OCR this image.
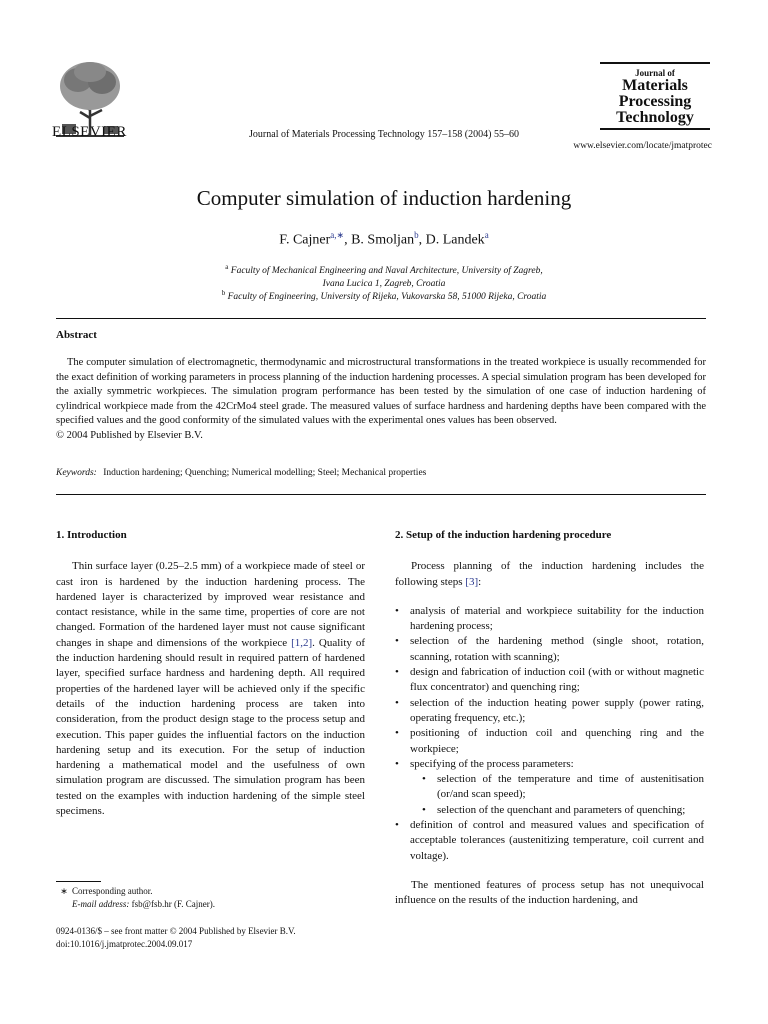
ELSEVIER	Journal of Materials Processing Technology 157–158 (2004) 55–60
Journal of
Materials
Processing
Technology
www.elsevier.com/locate/jmatprotec
Computer simulation of induction hardening
F. Cajner$^{a,∗}$, B. Smoljan$^b$, D. Landek$^a$
$^a$ Faculty of Mechanical Engineering and Naval Architecture, University of Zagreb,
Ivana Lucica 1, Zagreb, Croatia
$^b$ Faculty of Engineering, University of Rijeka, Vukovarska 58, 51000 Rijeka, Croatia
Abstract

The computer simulation of electromagnetic, thermodynamic and microstructural transformations in the treated workpiece is usually recommended for the exact definition of working parameters in process planning of the induction hardening processes. A special simulation program has been developed for the axially symmetric workpieces. The simulation program performance has been tested by the simulation of one case of induction hardening of cylindrical workpiece made from the 42CrMo4 steel grade. The measured values of surface hardness and hardening depths have been compared with the specified values and the good conformity of the simulated values with the experimental ones values has been observed.

© 2004 Published by Elsevier B.V.
Keywords: Induction hardening; Quenching; Numerical modelling; Steel; Mechanical properties
1. Introduction

Thin surface layer (0.25–2.5 mm) of a workpiece made of steel or cast iron is hardened by the induction hardening process. The hardened layer is characterized by improved wear resistance and contact resistance, while in the same time, properties of core are not changed. Formation of the hardened layer must not cause significant changes in shape and dimensions of the workpiece [1,2]. Quality of the induction hardening should result in required pattern of hardened layer, specified surface hardness and hardening depth. All required properties of the hardened layer will be achieved only if the specific details of the induction hardening process are taken into consideration, from the product design stage to the process setup and execution. This paper guides the influential factors on the induction hardening setup and its execution. For the setup of induction hardening a mathematical model and the usefulness of own simulation program are discussed. The simulation program has been tested on the examples with induction hardening of the simple steel specimens.

2. Setup of the induction hardening procedure

Process planning of the induction hardening includes the following steps [3]:

• analysis of material and workpiece suitability for the induction hardening process;
• selection of the hardening method (single shoot, rotation, scanning, rotation with scanning);
• design and fabrication of induction coil (with or without magnetic flux concentrator) and quenching ring;
• selection of the induction heating power supply (power rating, operating frequency, etc.);
• positioning of induction coil and quenching ring and the workpiece;
• specifying of the process parameters:
• selection of the temperature and time of austenitisation (or/and scan speed);
• selection of the quenchant and parameters of quenching;
• definition of control and measured values and specification of acceptable tolerances (austenitizing temperature, coil current and voltage).

The mentioned features of process setup has not unequivocal influence on the results of the induction hardening, and

∗ Corresponding author.
E-mail address: fsb@fsb.hr (F. Cajner).
0924-0136/$ – see front matter © 2004 Published by Elsevier B.V.
doi:10.1016/j.jmatprotec.2004.09.017
